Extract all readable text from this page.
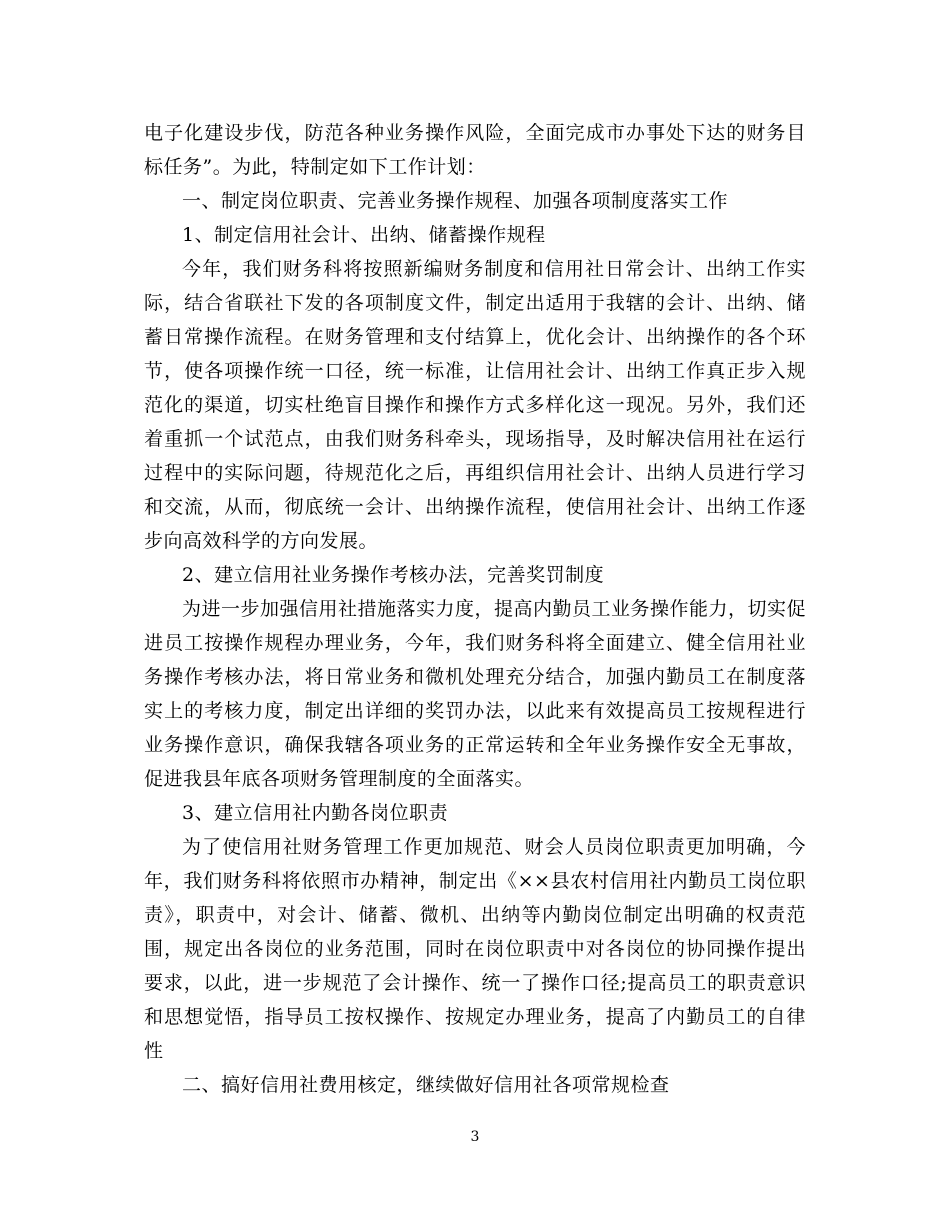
电子化建设步伐，防范各种业务操作风险，全面完成市办事处下达的财务目标任务”。为此，特制定如下工作计划：

一、制定岗位职责、完善业务操作规程、加强各项制度落实工作

1、制定信用社会计、出纳、储蓄操作规程

今年，我们财务科将按照新编财务制度和信用社日常会计、出纳工作实际，结合省联社下发的各项制度文件，制定出适用于我辖的会计、出纳、储蓄日常操作流程。在财务管理和支付结算上，优化会计、出纳操作的各个环节，使各项操作统一口径，统一标准，让信用社会计、出纳工作真正步入规范化的渠道，切实杜绝盲目操作和操作方式多样化这一现况。另外，我们还着重抓一个试范点，由我们财务科牵头，现场指导，及时解决信用社在运行过程中的实际问题，待规范化之后，再组织信用社会计、出纳人员进行学习和交流，从而，彻底统一会计、出纳操作流程，使信用社会计、出纳工作逐步向高效科学的方向发展。

2、建立信用社业务操作考核办法，完善奖罚制度

为进一步加强信用社措施落实力度，提高内勤员工业务操作能力，切实促进员工按操作规程办理业务，今年，我们财务科将全面建立、健全信用社业务操作考核办法，将日常业务和微机处理充分结合，加强内勤员工在制度落实上的考核力度，制定出详细的奖罚办法，以此来有效提高员工按规程进行业务操作意识，确保我辖各项业务的正常运转和全年业务操作安全无事故，促进我县年底各项财务管理制度的全面落实。

3、建立信用社内勤各岗位职责

为了使信用社财务管理工作更加规范、财会人员岗位职责更加明确，今年，我们财务科将依照市办精神，制定出《××县农村信用社内勤员工岗位职责》，职责中，对会计、储蓄、微机、出纳等内勤岗位制定出明确的权责范围，规定出各岗位的业务范围，同时在岗位职责中对各岗位的协同操作提出要求，以此，进一步规范了会计操作、统一了操作口径;提高员工的职责意识和思想觉悟，指导员工按权操作、按规定办理业务，提高了内勤员工的自律性

二、搞好信用社费用核定，继续做好信用社各项常规检查

3
